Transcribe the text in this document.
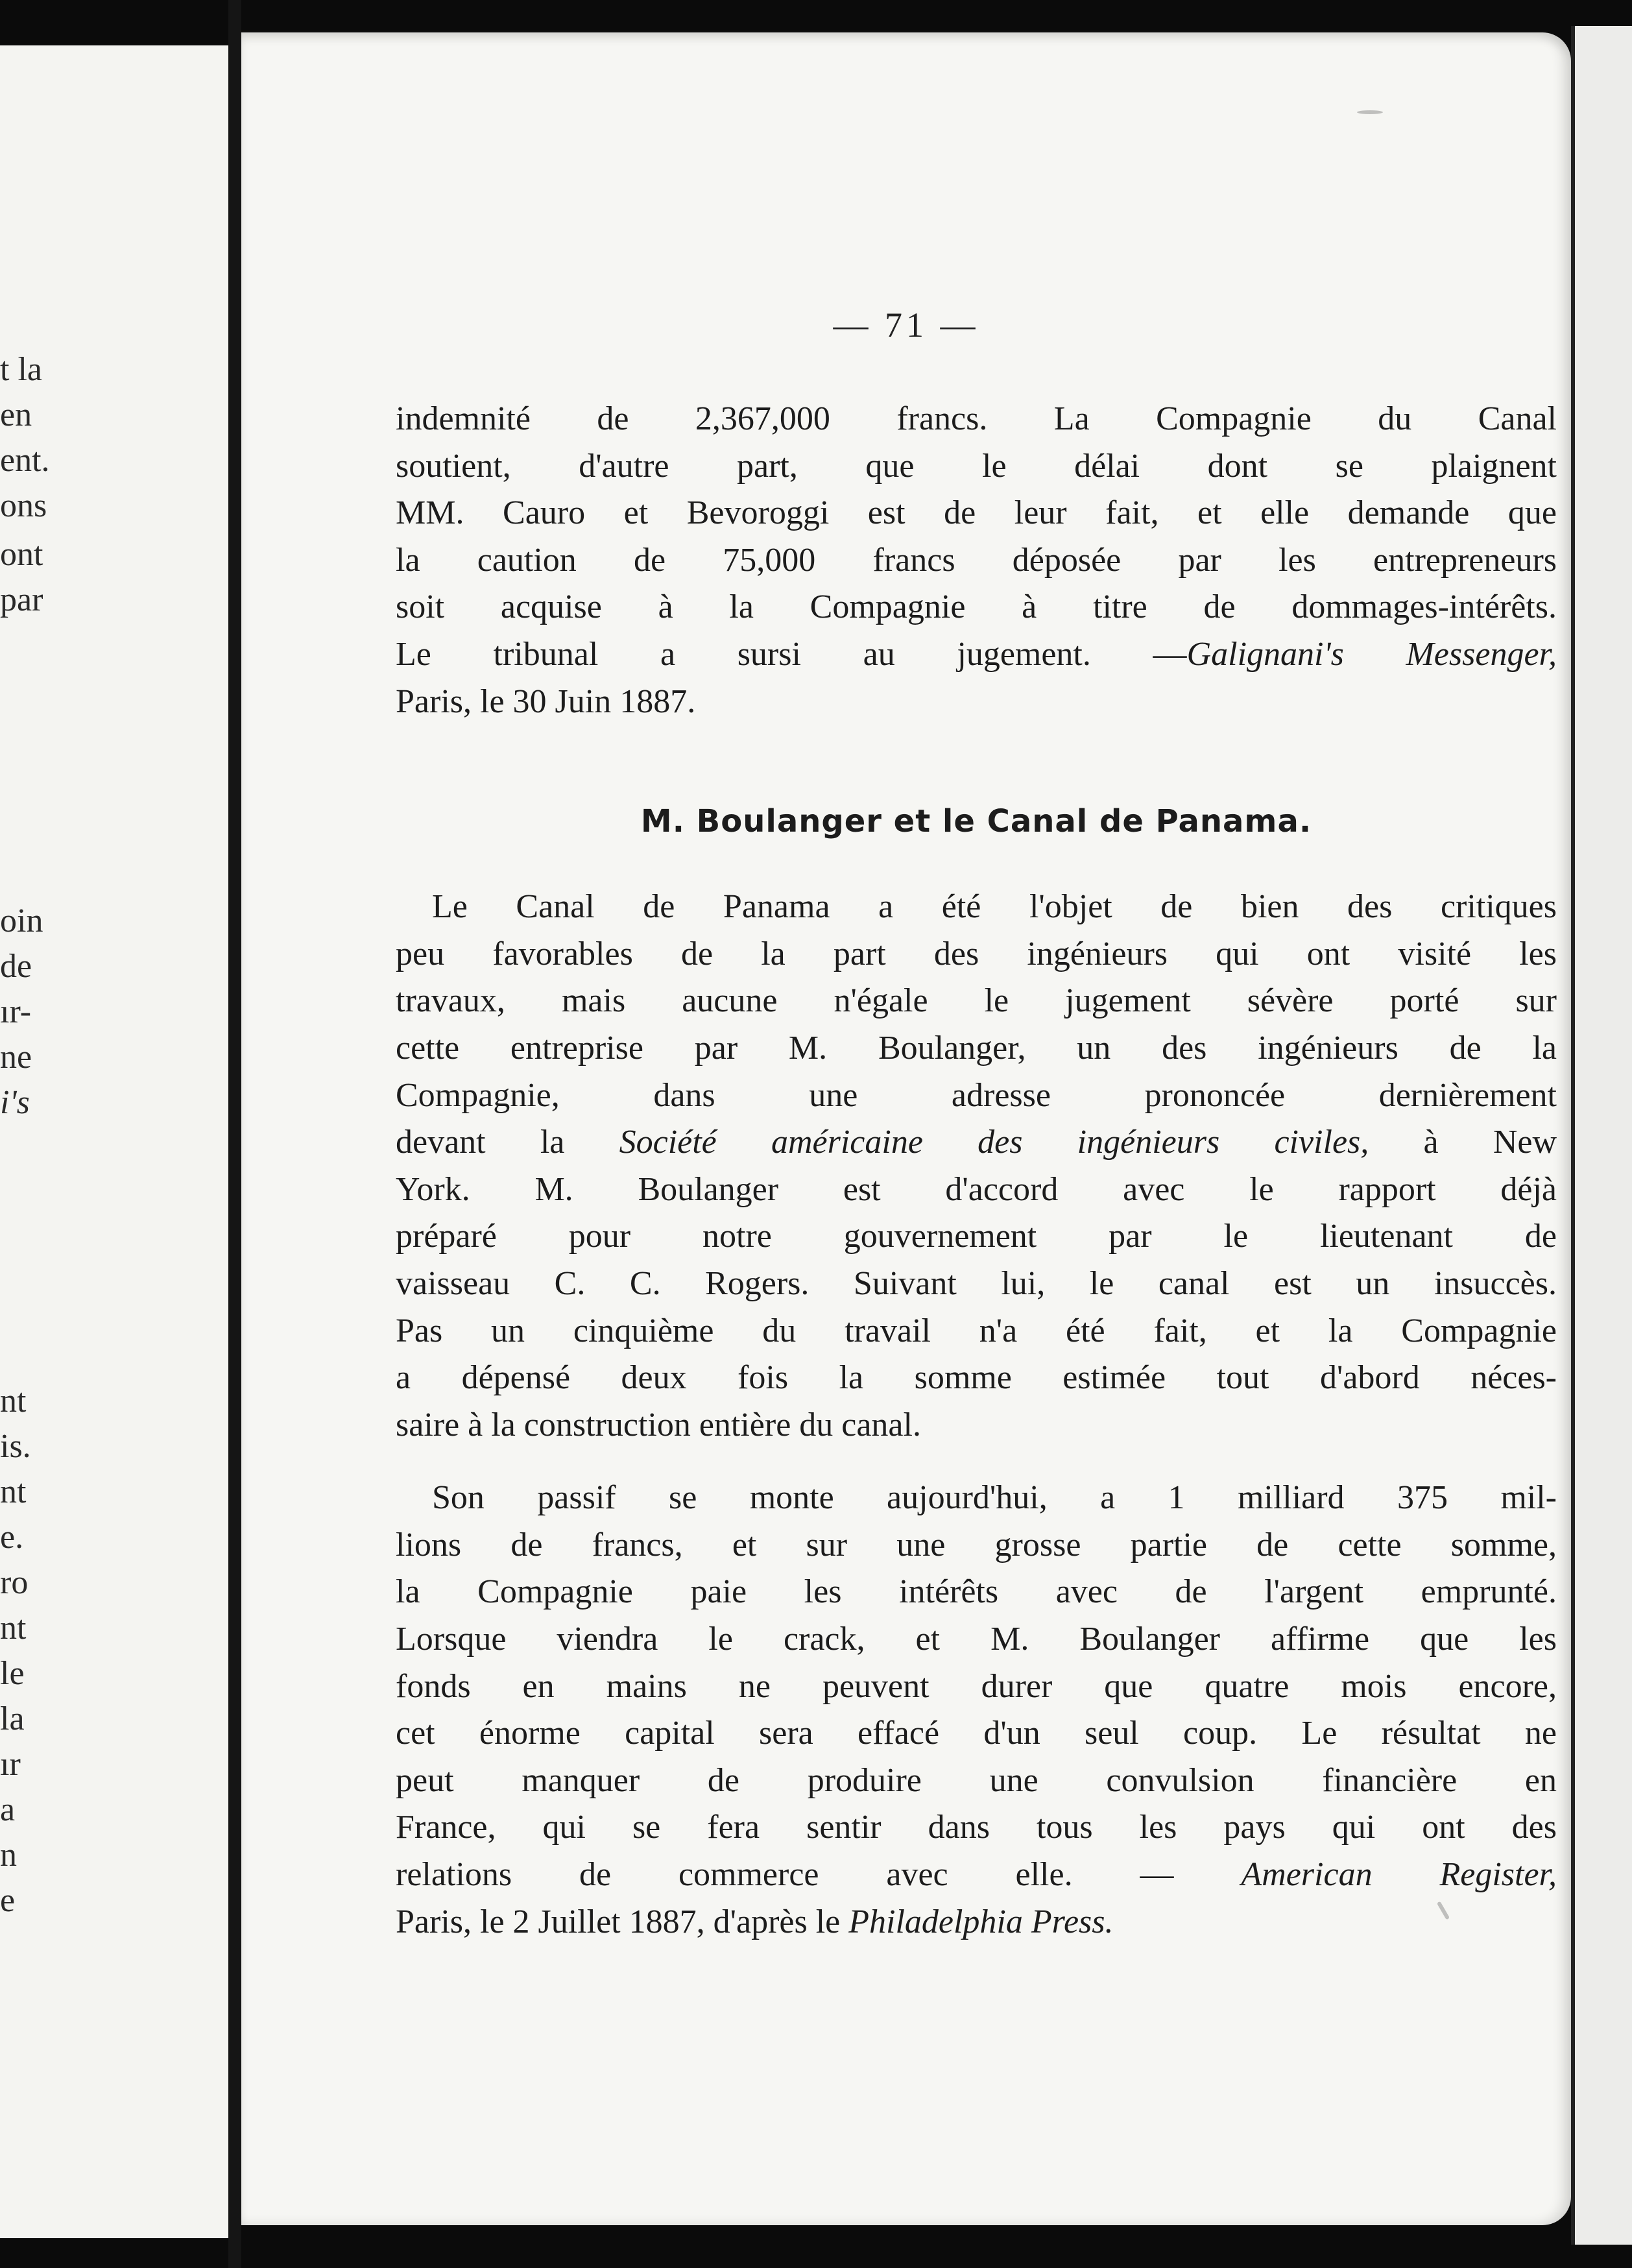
t la
en
ent.
ons
ont
par
oin
de
ır-
ne
i's
nt
is.
nt
e.
ro
nt
le
la
ır
a
n
e
— 71 —
indemnité de 2,367,000 francs. La Compagnie du Canal
soutient, d'autre part, que le délai dont se plaignent
MM. Cauro et Bevoroggi est de leur fait, et elle demande que
la caution de 75,000 francs déposée par les entrepreneurs
soit acquise à la Compagnie à titre de dommages-intérêts.
Le tribunal a sursi au jugement. —Galignani's Messenger,
Paris, le 30 Juin 1887.
M. Boulanger et le Canal de Panama.
Le Canal de Panama a été l'objet de bien des critiques
peu favorables de la part des ingénieurs qui ont visité les
travaux, mais aucune n'égale le jugement sévère porté sur
cette entreprise par M. Boulanger, un des ingénieurs de la
Compagnie, dans une adresse prononcée dernièrement
devant la Société américaine des ingénieurs civiles, à New
York. M. Boulanger est d'accord avec le rapport déjà
préparé pour notre gouvernement par le lieutenant de
vaisseau C. C. Rogers. Suivant lui, le canal est un insuccès.
Pas un cinquième du travail n'a été fait, et la Compagnie
a dépensé deux fois la somme estimée tout d'abord néces-
saire à la construction entière du canal.
Son passif se monte aujourd'hui, a 1 milliard 375 mil-
lions de francs, et sur une grosse partie de cette somme,
la Compagnie paie les intérêts avec de l'argent emprunté.
Lorsque viendra le crack, et M. Boulanger affirme que les
fonds en mains ne peuvent durer que quatre mois encore,
cet énorme capital sera effacé d'un seul coup. Le résultat ne
peut manquer de produire une convulsion financière en
France, qui se fera sentir dans tous les pays qui ont des
relations de commerce avec elle. — American Register,
Paris, le 2 Juillet 1887, d'après le Philadelphia Press.
